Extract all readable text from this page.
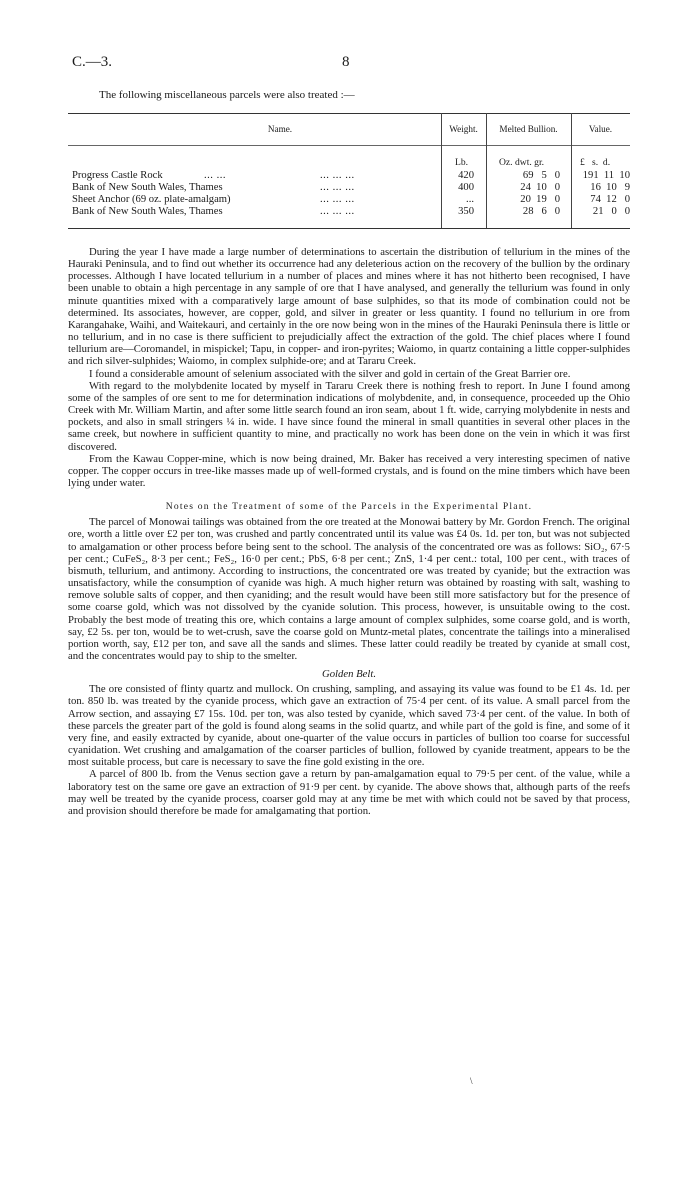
C.—3.	8
The following miscellaneous parcels were also treated :—
Name.	Weight.	Melted Bullion.	Value.
Lb.	Oz. dwt. gr.	£   s.  d.
Progress Castle Rock	... ...	... ... ...	420	69   5   0	191  11  10
Bank of New South Wales, Thames	... ... ...	400	24  10   0	16  10   9
Sheet Anchor (69 oz. plate-amalgam)	... ... ...	...	20  19   0	74  12   0
Bank of New South Wales, Thames	... ... ...	350	28   6   0	21   0   0

During the year I have made a large number of determinations to ascertain the distribution of tellurium in the mines of the Hauraki Peninsula, and to find out whether its occurrence had any deleterious action on the recovery of the bullion by the ordinary processes. Although I have located tellurium in a number of places and mines where it has not hitherto been recognised, I have been unable to obtain a high percentage in any sample of ore that I have analysed, and generally the tellurium was found in only minute quantities mixed with a comparatively large amount of base sulphides, so that its mode of combination could not be determined. Its associates, however, are copper, gold, and silver in greater or less quantity. I found no tellurium in ore from Karangahake, Waihi, and Waitekauri, and certainly in the ore now being won in the mines of the Hauraki Peninsula there is little or no tellurium, and in no case is there sufficient to prejudicially affect the extraction of the gold. The chief places where I found tellurium are—Coromandel, in mispickel; Tapu, in copper- and iron-pyrites; Waiomo, in quartz containing a little copper-sulphides and rich silver-sulphides; Waiomo, in complex sulphide-ore; and at Tararu Creek.

I found a considerable amount of selenium associated with the silver and gold in certain of the Great Barrier ore.

With regard to the molybdenite located by myself in Tararu Creek there is nothing fresh to report. In June I found among some of the samples of ore sent to me for determination indications of molybdenite, and, in consequence, proceeded up the Ohio Creek with Mr. William Martin, and after some little search found an iron seam, about 1 ft. wide, carrying molybdenite in nests and pockets, and also in small stringers ¼ in. wide. I have since found the mineral in small quantities in several other places in the same creek, but nowhere in sufficient quantity to mine, and practically no work has been done on the vein in which it was first discovered.

From the Kawau Copper-mine, which is now being drained, Mr. Baker has received a very interesting specimen of native copper. The copper occurs in tree-like masses made up of well-formed crystals, and is found on the mine timbers which have been lying under water.

Notes on the Treatment of some of the Parcels in the Experimental Plant.

The parcel of Monowai tailings was obtained from the ore treated at the Monowai battery by Mr. Gordon French. The original ore, worth a little over £2 per ton, was crushed and partly concentrated until its value was £4 0s. 1d. per ton, but was not subjected to amalgamation or other process before being sent to the school. The analysis of the concentrated ore was as follows: SiO₂, 67·5 per cent.; CuFeS₂, 8·3 per cent.; FeS₂, 16·0 per cent.; PbS, 6·8 per cent.; ZnS, 1·4 per cent.: total, 100 per cent., with traces of bismuth, tellurium, and antimony. According to instructions, the concentrated ore was treated by cyanide; but the extraction was unsatisfactory, while the consumption of cyanide was high. A much higher return was obtained by roasting with salt, washing to remove soluble salts of copper, and then cyaniding; and the result would have been still more satisfactory but for the presence of some coarse gold, which was not dissolved by the cyanide solution. This process, however, is unsuitable owing to the cost. Probably the best mode of treating this ore, which contains a large amount of complex sulphides, some coarse gold, and is worth, say, £2 5s. per ton, would be to wet-crush, save the coarse gold on Muntz-metal plates, concentrate the tailings into a mineralised portion worth, say, £12 per ton, and save all the sands and slimes. These latter could readily be treated by cyanide at small cost, and the concentrates would pay to ship to the smelter.

Golden Belt.

The ore consisted of flinty quartz and mullock. On crushing, sampling, and assaying its value was found to be £1 4s. 1d. per ton. 850 lb. was treated by the cyanide process, which gave an extraction of 75·4 per cent. of its value. A small parcel from the Arrow section, and assaying £7 15s. 10d. per ton, was also tested by cyanide, which saved 73·4 per cent. of the value. In both of these parcels the greater part of the gold is found along seams in the solid quartz, and while part of the gold is fine, and some of it very fine, and easily extracted by cyanide, about one-quarter of the value occurs in particles of bullion too coarse for successful cyanidation. Wet crushing and amalgamation of the coarser particles of bullion, followed by cyanide treatment, appears to be the most suitable process, but care is necessary to save the fine gold existing in the ore.

A parcel of 800 lb. from the Venus section gave a return by pan-amalgamation equal to 79·5 per cent. of the value, while a laboratory test on the same ore gave an extraction of 91·9 per cent. by cyanide. The above shows that, although parts of the reefs may well be treated by the cyanide process, coarser gold may at any time be met with which could not be saved by that process, and provision should therefore be made for amalgamating that portion.

\
